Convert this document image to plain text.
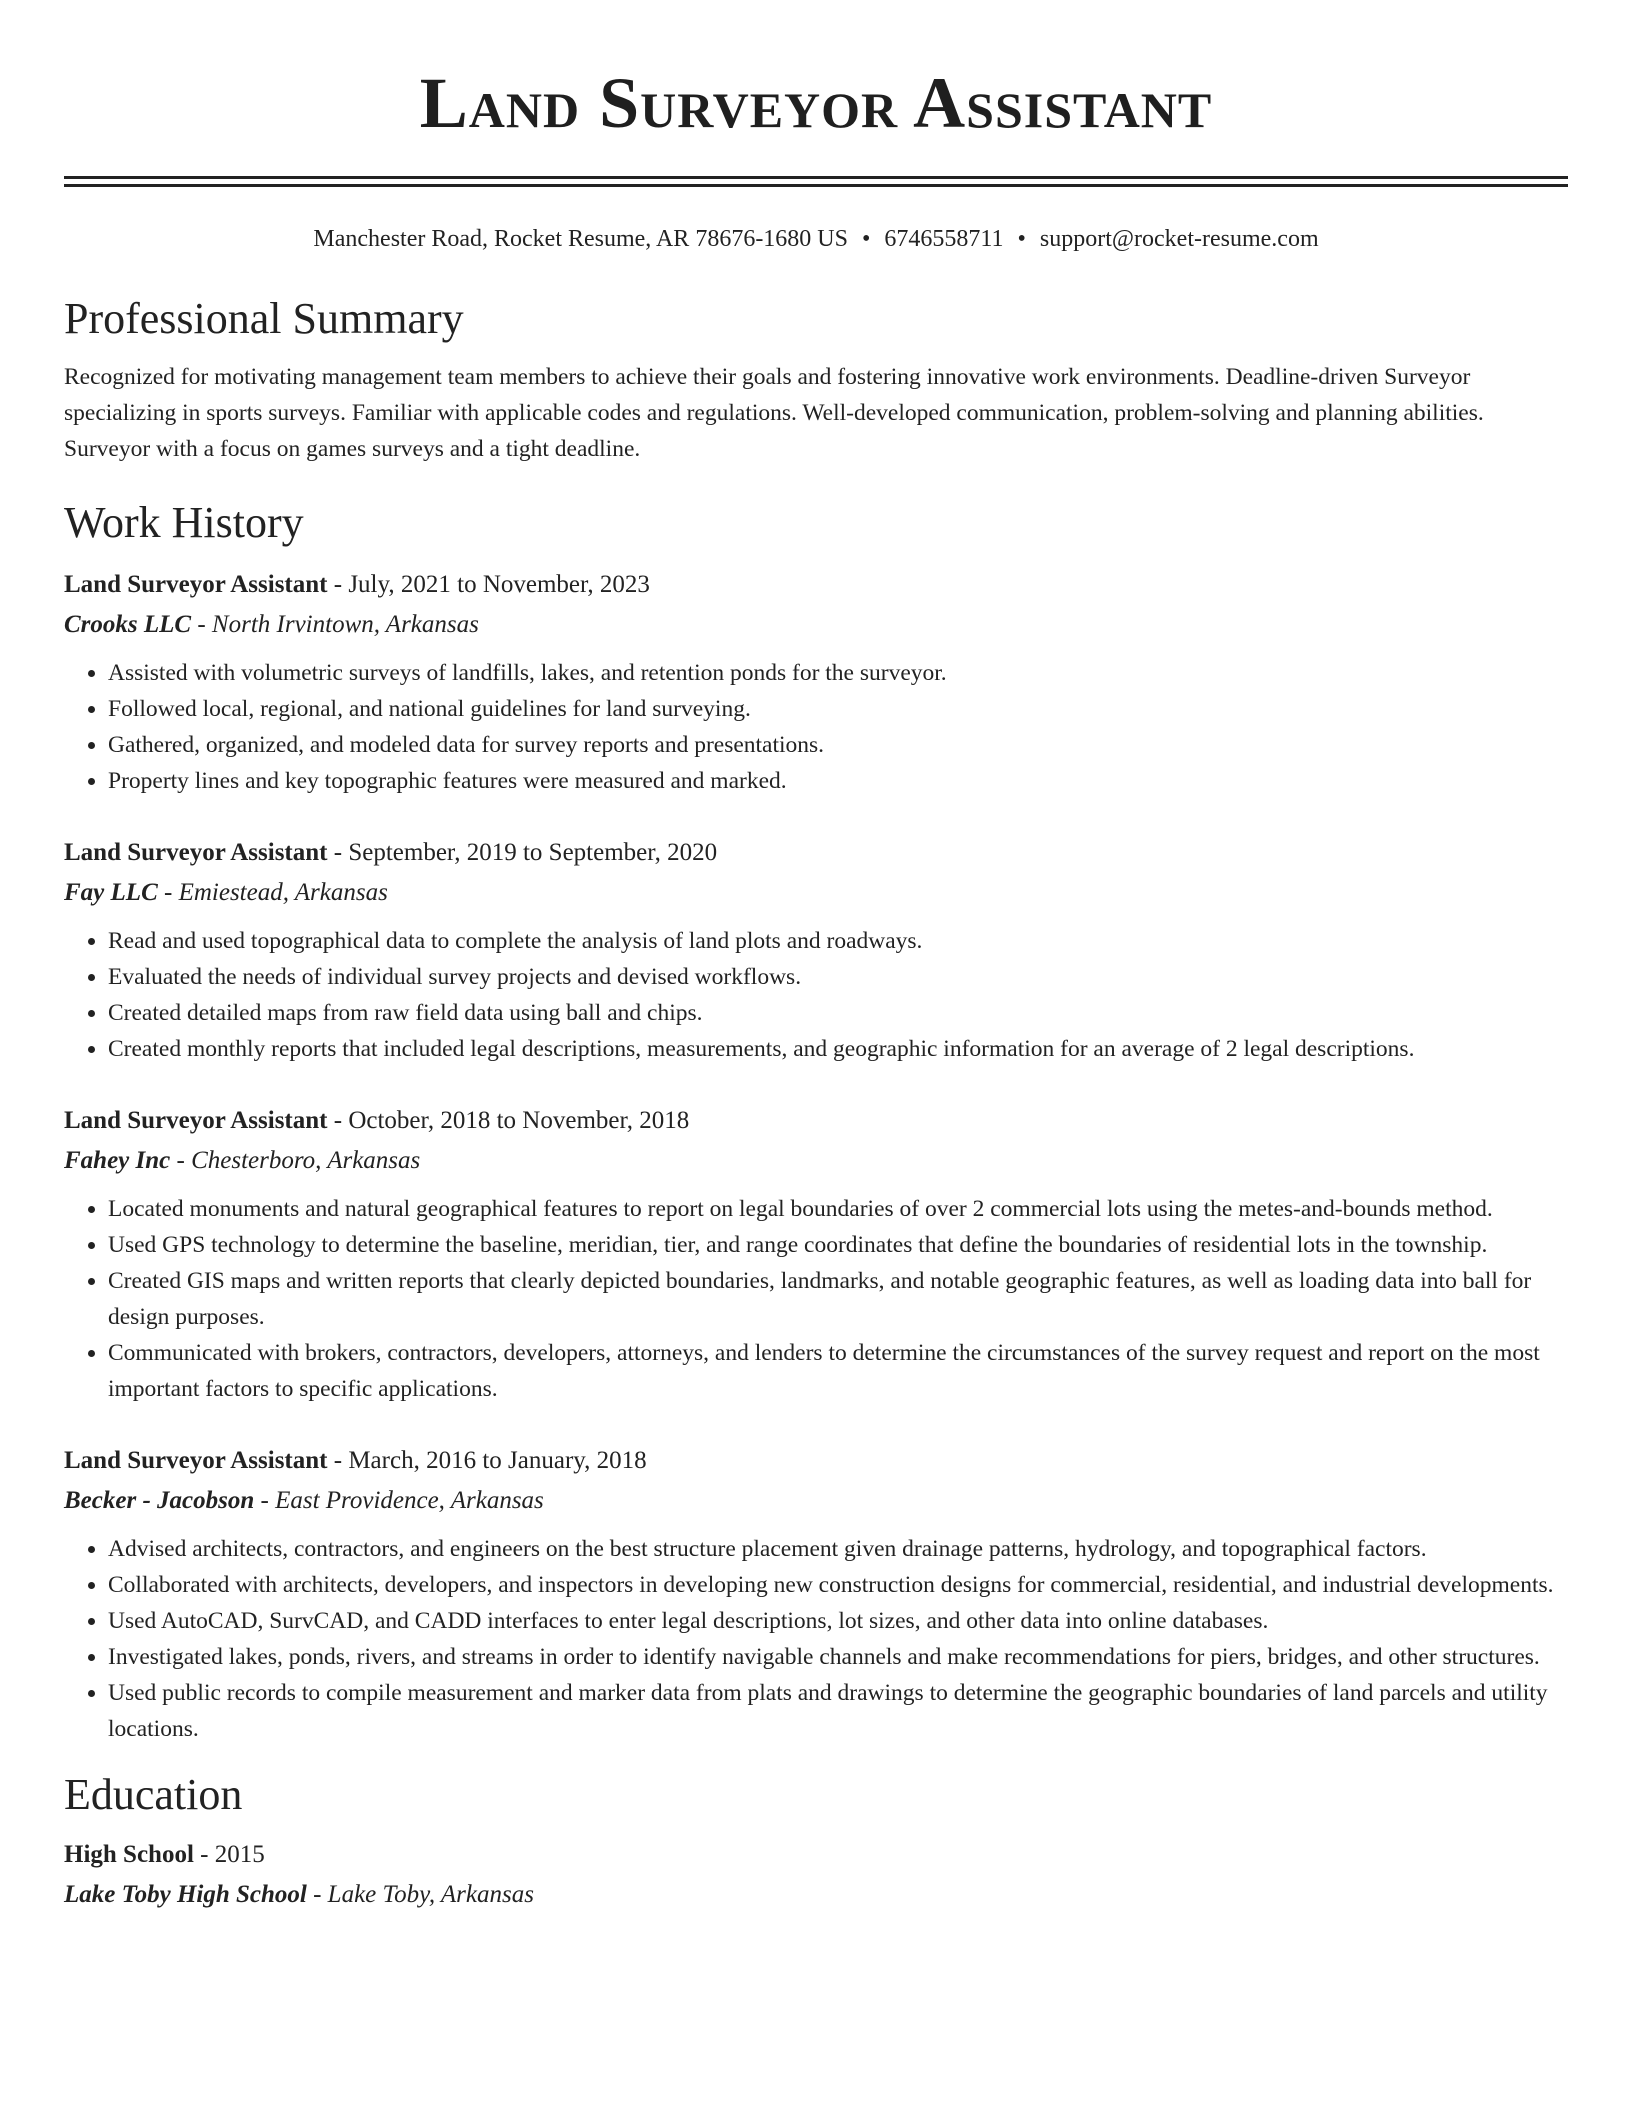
Land Surveyor Assistant
Manchester Road, Rocket Resume, AR 78676-1680 US • 6746558711 • support@rocket-resume.com
Professional Summary
Recognized for motivating management team members to achieve their goals and fostering innovative work environments. Deadline-driven Surveyor specializing in sports surveys. Familiar with applicable codes and regulations. Well-developed communication, problem-solving and planning abilities. Surveyor with a focus on games surveys and a tight deadline.
Work History
Land Surveyor Assistant - July, 2021 to November, 2023
Crooks LLC - North Irvintown, Arkansas
• Assisted with volumetric surveys of landfills, lakes, and retention ponds for the surveyor.
• Followed local, regional, and national guidelines for land surveying.
• Gathered, organized, and modeled data for survey reports and presentations.
• Property lines and key topographic features were measured and marked.
Land Surveyor Assistant - September, 2019 to September, 2020
Fay LLC - Emiestead, Arkansas
• Read and used topographical data to complete the analysis of land plots and roadways.
• Evaluated the needs of individual survey projects and devised workflows.
• Created detailed maps from raw field data using ball and chips.
• Created monthly reports that included legal descriptions, measurements, and geographic information for an average of 2 legal descriptions.
Land Surveyor Assistant - October, 2018 to November, 2018
Fahey Inc - Chesterboro, Arkansas
• Located monuments and natural geographical features to report on legal boundaries of over 2 commercial lots using the metes-and-bounds method.
• Used GPS technology to determine the baseline, meridian, tier, and range coordinates that define the boundaries of residential lots in the township.
• Created GIS maps and written reports that clearly depicted boundaries, landmarks, and notable geographic features, as well as loading data into ball for design purposes.
• Communicated with brokers, contractors, developers, attorneys, and lenders to determine the circumstances of the survey request and report on the most important factors to specific applications.
Land Surveyor Assistant - March, 2016 to January, 2018
Becker - Jacobson - East Providence, Arkansas
• Advised architects, contractors, and engineers on the best structure placement given drainage patterns, hydrology, and topographical factors.
• Collaborated with architects, developers, and inspectors in developing new construction designs for commercial, residential, and industrial developments.
• Used AutoCAD, SurvCAD, and CADD interfaces to enter legal descriptions, lot sizes, and other data into online databases.
• Investigated lakes, ponds, rivers, and streams in order to identify navigable channels and make recommendations for piers, bridges, and other structures.
• Used public records to compile measurement and marker data from plats and drawings to determine the geographic boundaries of land parcels and utility locations.
Education
High School - 2015
Lake Toby High School - Lake Toby, Arkansas
